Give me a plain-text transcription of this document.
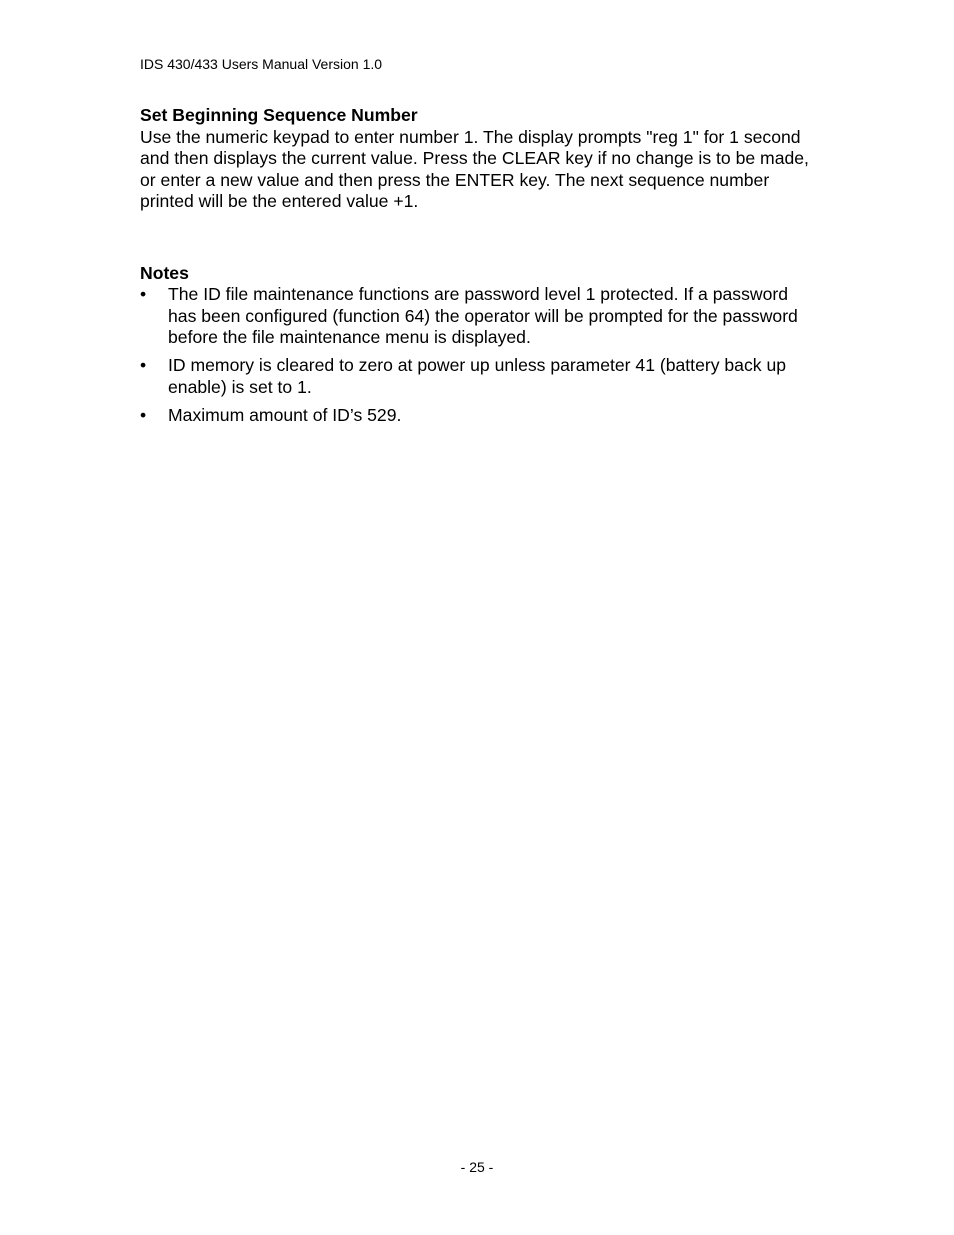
IDS 430/433 Users Manual Version 1.0

Set Beginning Sequence Number

Use the numeric keypad to enter number 1. The display prompts "reg 1" for 1 second and then displays the current value. Press the CLEAR key if no change is to be made, or enter a new value and then press the ENTER key. The next sequence number printed will be the entered value +1.

Notes

•	The ID file maintenance functions are password level 1 protected. If a password has been configured (function 64) the operator will be prompted for the password before the file maintenance menu is displayed.
•	ID memory is cleared to zero at power up unless parameter 41 (battery back up enable) is set to 1.
•	Maximum amount of ID’s 529.
- 25 -
